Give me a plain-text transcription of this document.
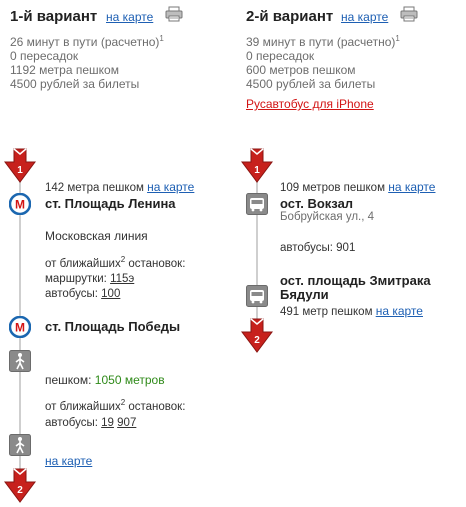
1-й вариант на карте
26 минут в пути (расчетно)$^1$
0 пересадок
1192 метра пешком
4500 рублей за билеты
2-й вариант на карте
39 минут в пути (расчетно)$^1$
0 пересадок
600 метров пешком
4500 рублей за билеты
Русавтобус для iPhone
1
142 метра пешком на карте
M ст. Площадь Ленина
Московская линия
от ближайших$^2$ остановок:
маршрутки: 115э
автобусы: 100
M ст. Площадь Победы
пешком: 1050 метров
от ближайших$^2$ остановок:
автобусы: 19 907
на карте
2
1
109 метров пешком на карте
ост. Вокзал
Бобруйская ул., 4
автобусы: 901
ост. площадь Змитрака Бядули
491 метр пешком на карте
2
